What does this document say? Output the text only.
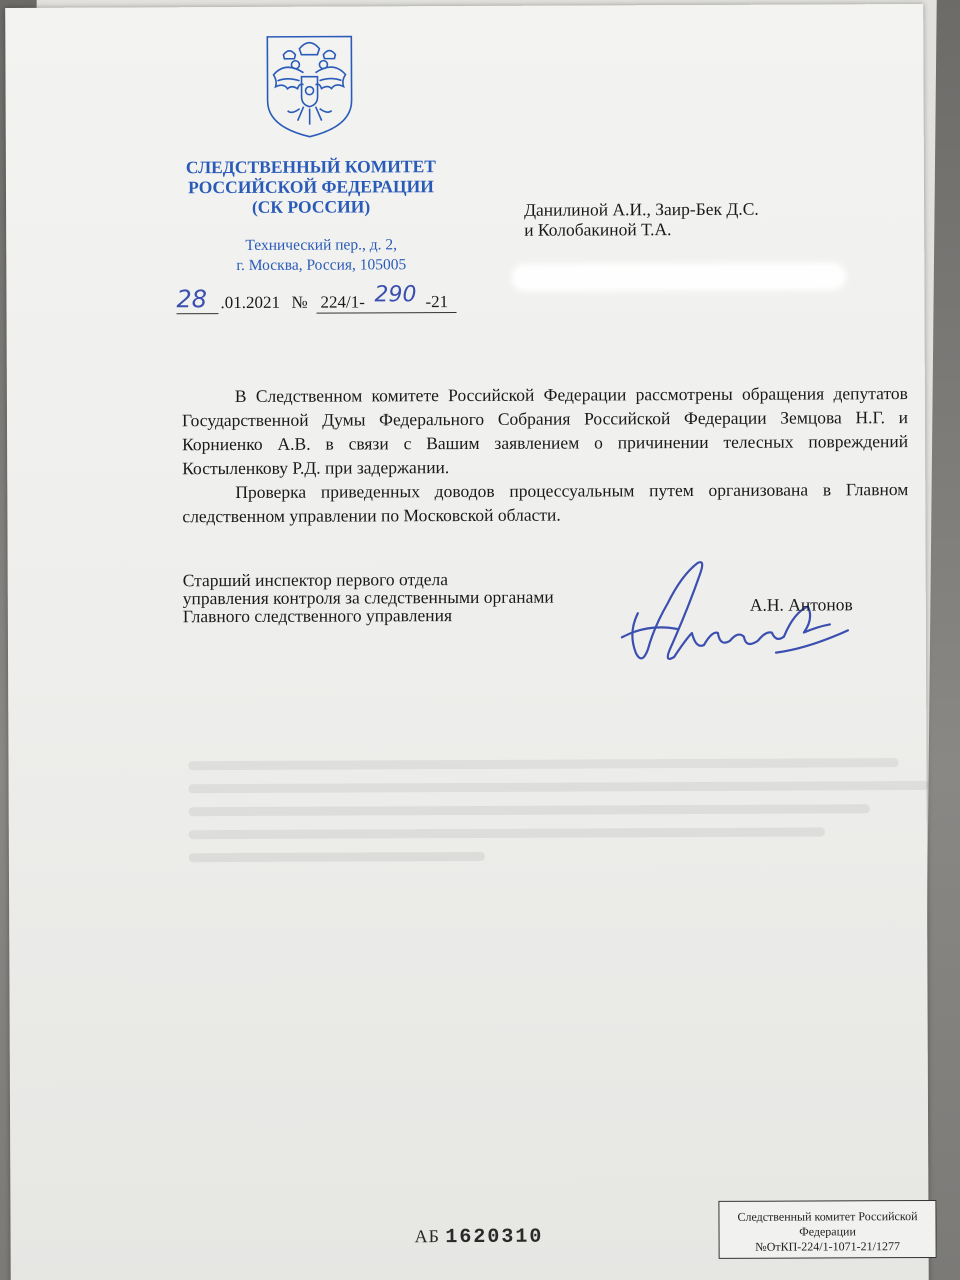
СЛЕДСТВЕННЫЙ КОМИТЕТ
РОССИЙСКОЙ ФЕДЕРАЦИИ
(СК РОССИИ)
Технический пер., д. 2,
г. Москва, Россия, 105005
28 .01.2021 № 224/1- 290 -21
Данилиной А.И., Заир-Бек Д.С.
и Колобакиной Т.А.

В Следственном комитете Российской Федерации рассмотрены обращения депутатов Государственной Думы Федерального Собрания Российской Федерации Земцова Н.Г. и Корниенко А.В. в связи с Вашим заявлением о причинении телесных повреждений Костыленкову Р.Д. при задержании.

Проверка приведенных доводов процессуальным путем организована в Главном следственном управлении по Московской области.

Старший инспектор первого отдела
управления контроля за следственными органами
Главного следственного управления
А.Н. Антонов
АБ 1620310
Следственный комитет Российской
Федерации
№ОтКП-224/1-1071-21/1277
